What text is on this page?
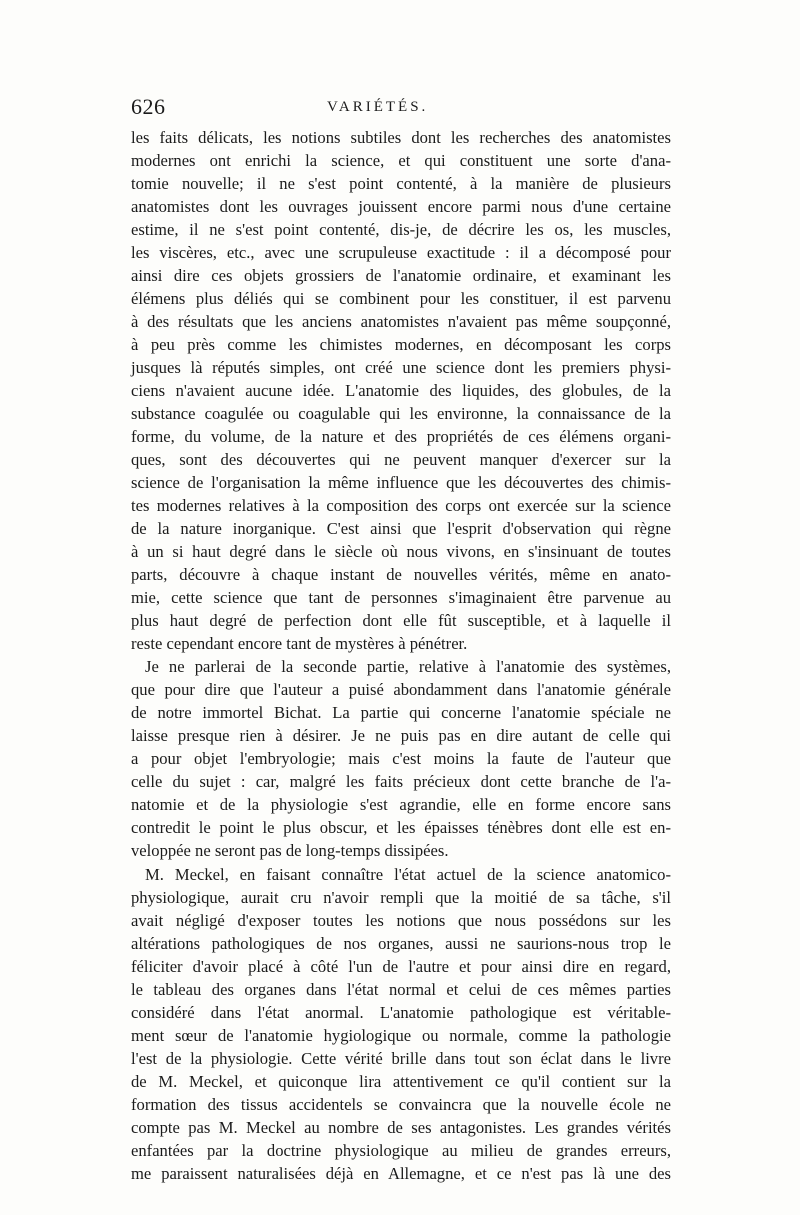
626	VARIÉTÉS.
les faits délicats, les notions subtiles dont les recherches des anatomistes
modernes ont enrichi la science, et qui constituent une sorte d'ana-
tomie nouvelle; il ne s'est point contenté, à la manière de plusieurs
anatomistes dont les ouvrages jouissent encore parmi nous d'une certaine
estime, il ne s'est point contenté, dis-je, de décrire les os, les muscles,
les viscères, etc., avec une scrupuleuse exactitude : il a décomposé pour
ainsi dire ces objets grossiers de l'anatomie ordinaire, et examinant les
élémens plus déliés qui se combinent pour les constituer, il est parvenu
à des résultats que les anciens anatomistes n'avaient pas même soupçonné,
à peu près comme les chimistes modernes, en décomposant les corps
jusques là réputés simples, ont créé une science dont les premiers physi-
ciens n'avaient aucune idée. L'anatomie des liquides, des globules, de la
substance coagulée ou coagulable qui les environne, la connaissance de la
forme, du volume, de la nature et des propriétés de ces élémens organi-
ques, sont des découvertes qui ne peuvent manquer d'exercer sur la
science de l'organisation la même influence que les découvertes des chimis-
tes modernes relatives à la composition des corps ont exercée sur la science
de la nature inorganique. C'est ainsi que l'esprit d'observation qui règne
à un si haut degré dans le siècle où nous vivons, en s'insinuant de toutes
parts, découvre à chaque instant de nouvelles vérités, même en anato-
mie, cette science que tant de personnes s'imaginaient être parvenue au
plus haut degré de perfection dont elle fût susceptible, et à laquelle il
reste cependant encore tant de mystères à pénétrer.
Je ne parlerai de la seconde partie, relative à l'anatomie des systèmes,
que pour dire que l'auteur a puisé abondamment dans l'anatomie générale
de notre immortel Bichat. La partie qui concerne l'anatomie spéciale ne
laisse presque rien à désirer. Je ne puis pas en dire autant de celle qui
a pour objet l'embryologie; mais c'est moins la faute de l'auteur que
celle du sujet : car, malgré les faits précieux dont cette branche de l'a-
natomie et de la physiologie s'est agrandie, elle en forme encore sans
contredit le point le plus obscur, et les épaisses ténèbres dont elle est en-
veloppée ne seront pas de long-temps dissipées.
M. Meckel, en faisant connaître l'état actuel de la science anatomico-
physiologique, aurait cru n'avoir rempli que la moitié de sa tâche, s'il
avait négligé d'exposer toutes les notions que nous possédons sur les
altérations pathologiques de nos organes, aussi ne saurions-nous trop le
féliciter d'avoir placé à côté l'un de l'autre et pour ainsi dire en regard,
le tableau des organes dans l'état normal et celui de ces mêmes parties
considéré dans l'état anormal. L'anatomie pathologique est véritable-
ment sœur de l'anatomie hygiologique ou normale, comme la pathologie
l'est de la physiologie. Cette vérité brille dans tout son éclat dans le livre
de M. Meckel, et quiconque lira attentivement ce qu'il contient sur la
formation des tissus accidentels se convaincra que la nouvelle école ne
compte pas M. Meckel au nombre de ses antagonistes. Les grandes vérités
enfantées par la doctrine physiologique au milieu de grandes erreurs,
me paraissent naturalisées déjà en Allemagne, et ce n'est pas là une des
